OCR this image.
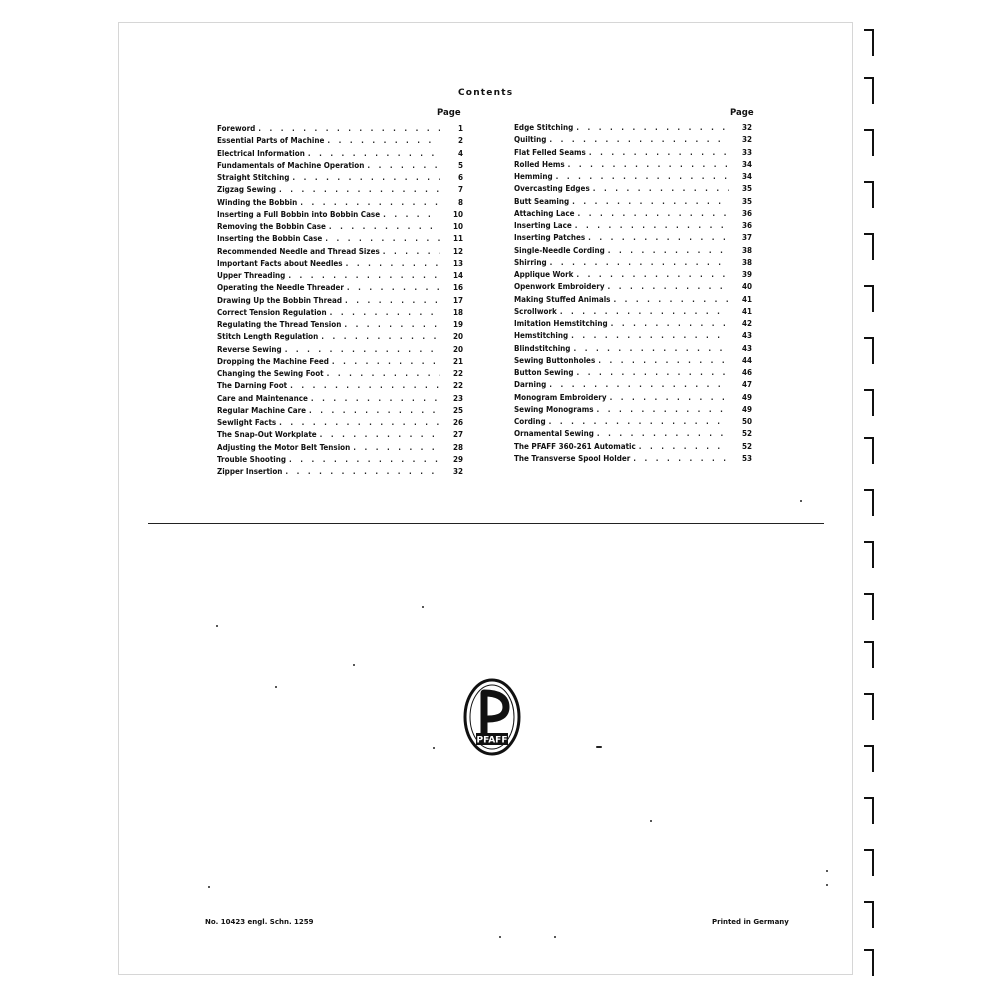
Contents
Page	Page
Foreword . . .	1
Essential Parts of Machine . . .	2
Electrical Information . . .	4
Fundamentals of Machine Operation . . .	5
Straight Stitching . . .	6
Zigzag Sewing . . .	7
Winding the Bobbin . . .	8
Inserting a Full Bobbin into Bobbin Case . . .	10
Removing the Bobbin Case . . .	10
Inserting the Bobbin Case . . .	11
Recommended Needle and Thread Sizes . . .	12
Important Facts about Needles . . .	13
Upper Threading . . .	14
Operating the Needle Threader . . .	16
Drawing Up the Bobbin Thread . . .	17
Correct Tension Regulation . . .	18
Regulating the Thread Tension . . .	19
Stitch Length Regulation . . .	20
Reverse Sewing . . .	20
Dropping the Machine Feed . . .	21
Changing the Sewing Foot . . .	22
The Darning Foot . . .	22
Care and Maintenance . . .	23
Regular Machine Care . . .	25
Sewlight Facts . . .	26
The Snap-Out Workplate . . .	27
Adjusting the Motor Belt Tension . . .	28
Trouble Shooting . . .	29
Zipper Insertion . . .	32
Edge Stitching . . .	32
Quilting . . .	32
Flat Felled Seams . . .	33
Rolled Hems . . .	34
Hemming . . .	34
Overcasting Edges . . .	35
Butt Seaming . . .	35
Attaching Lace . . .	36
Inserting Lace . . .	36
Inserting Patches . . .	37
Single-Needle Cording . . .	38
Shirring . . .	38
Applique Work . . .	39
Openwork Embroidery . . .	40
Making Stuffed Animals . . .	41
Scrollwork . . .	41
Imitation Hemstitching . . .	42
Hemstitching . . .	43
Blindstitching . . .	43
Sewing Buttonholes . . .	44
Button Sewing . . .	46
Darning . . .	47
Monogram Embroidery . . .	49
Sewing Monograms . . .	49
Cording . . .	50
Ornamental Sewing . . .	52
The PFAFF 360-261 Automatic . . .	52
The Transverse Spool Holder . . .	53
PFAFF
No. 10423 engl. Schn. 1259	Printed in Germany
